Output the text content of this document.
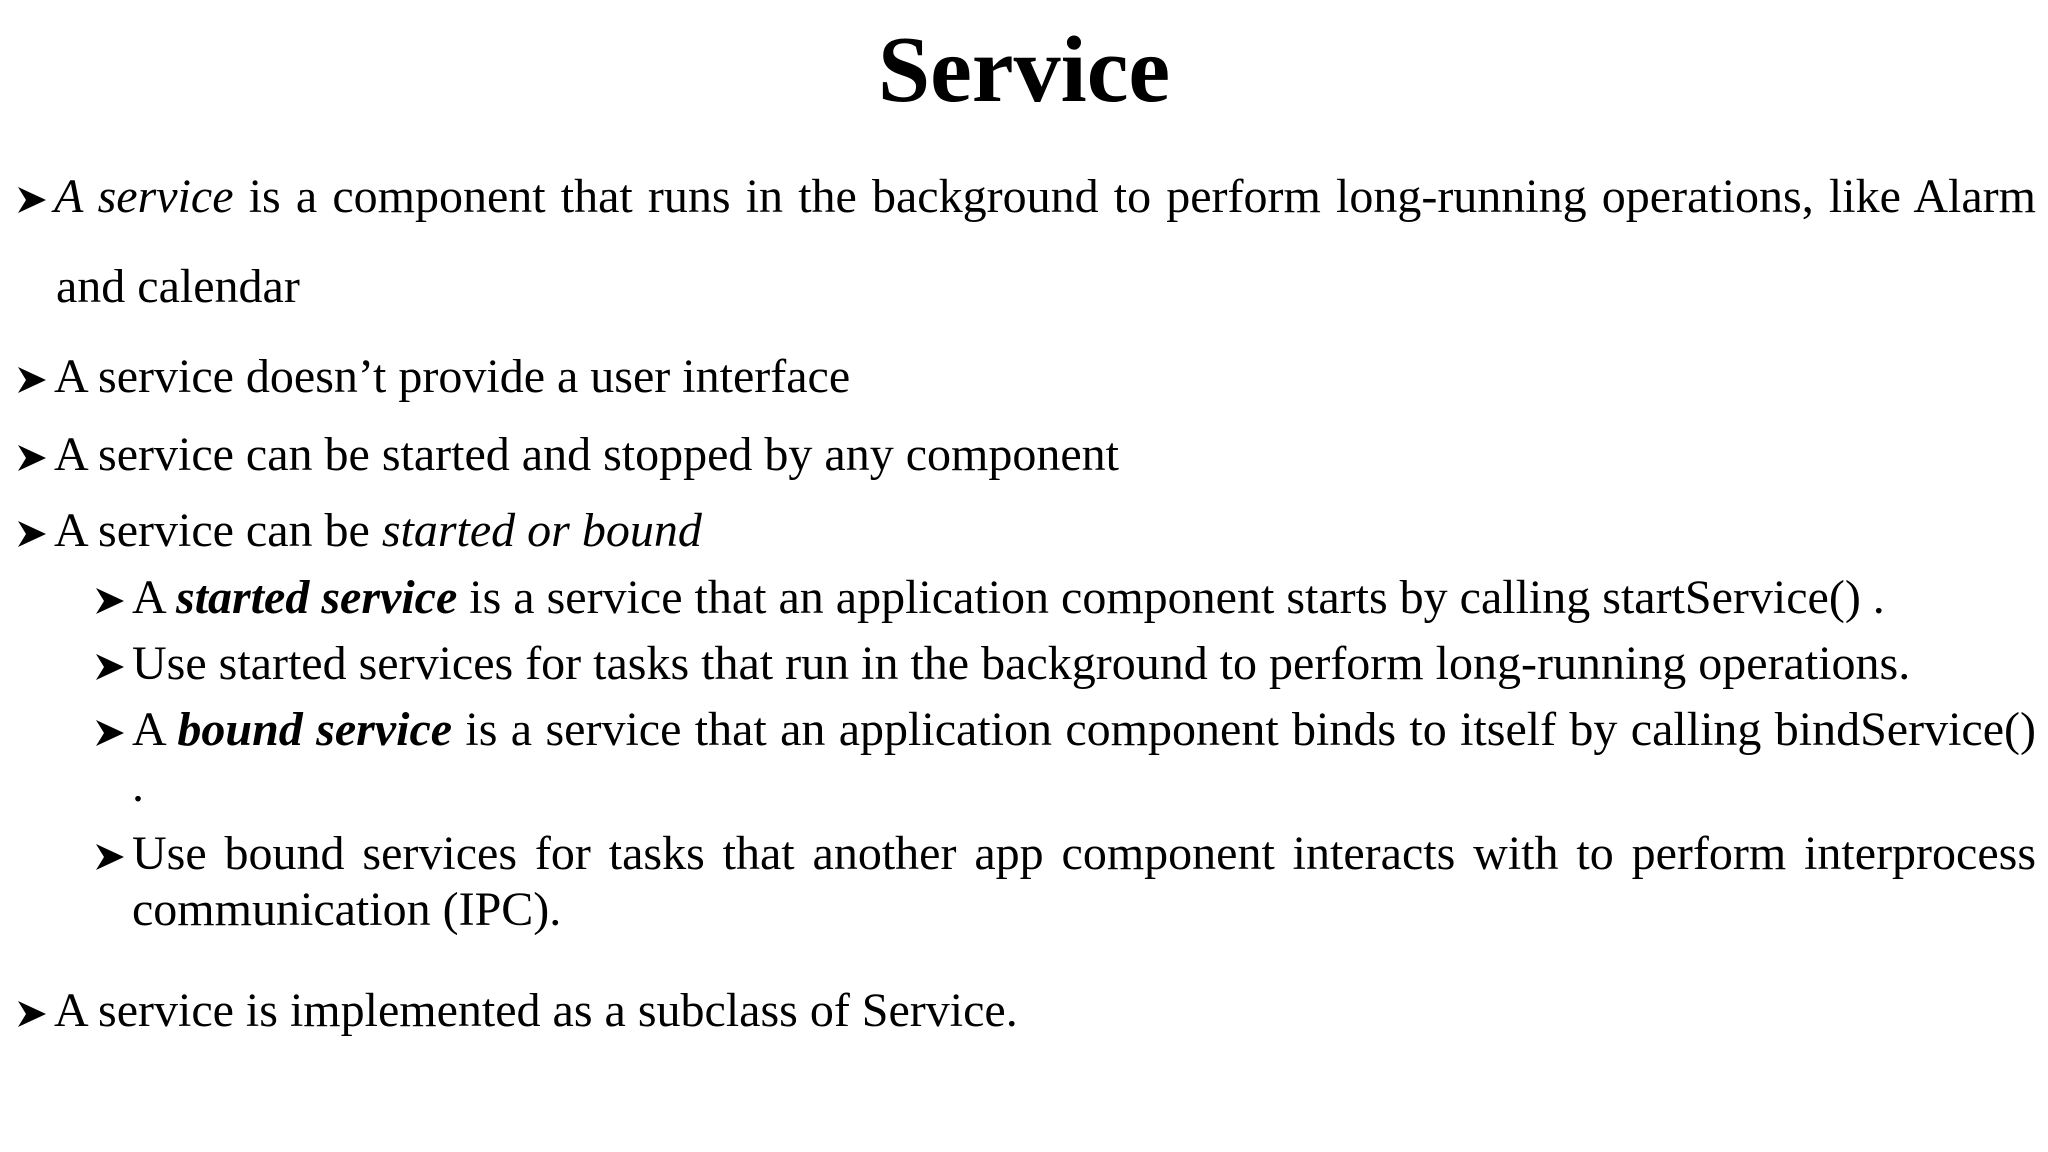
Service
A service is a component that runs in the background to perform long-running operations, like Alarm and calendar
A service doesn’t provide a user interface
A service can be started and stopped by any component
A service can be started or bound
A started service is a service that an application component starts by calling startService() .
Use started services for tasks that run in the background to perform long-running operations.
A bound service is a service that an application component binds to itself by calling bindService() .
Use bound services for tasks that another app component interacts with to perform interprocess communication (IPC).
A service is implemented as a subclass of Service.
